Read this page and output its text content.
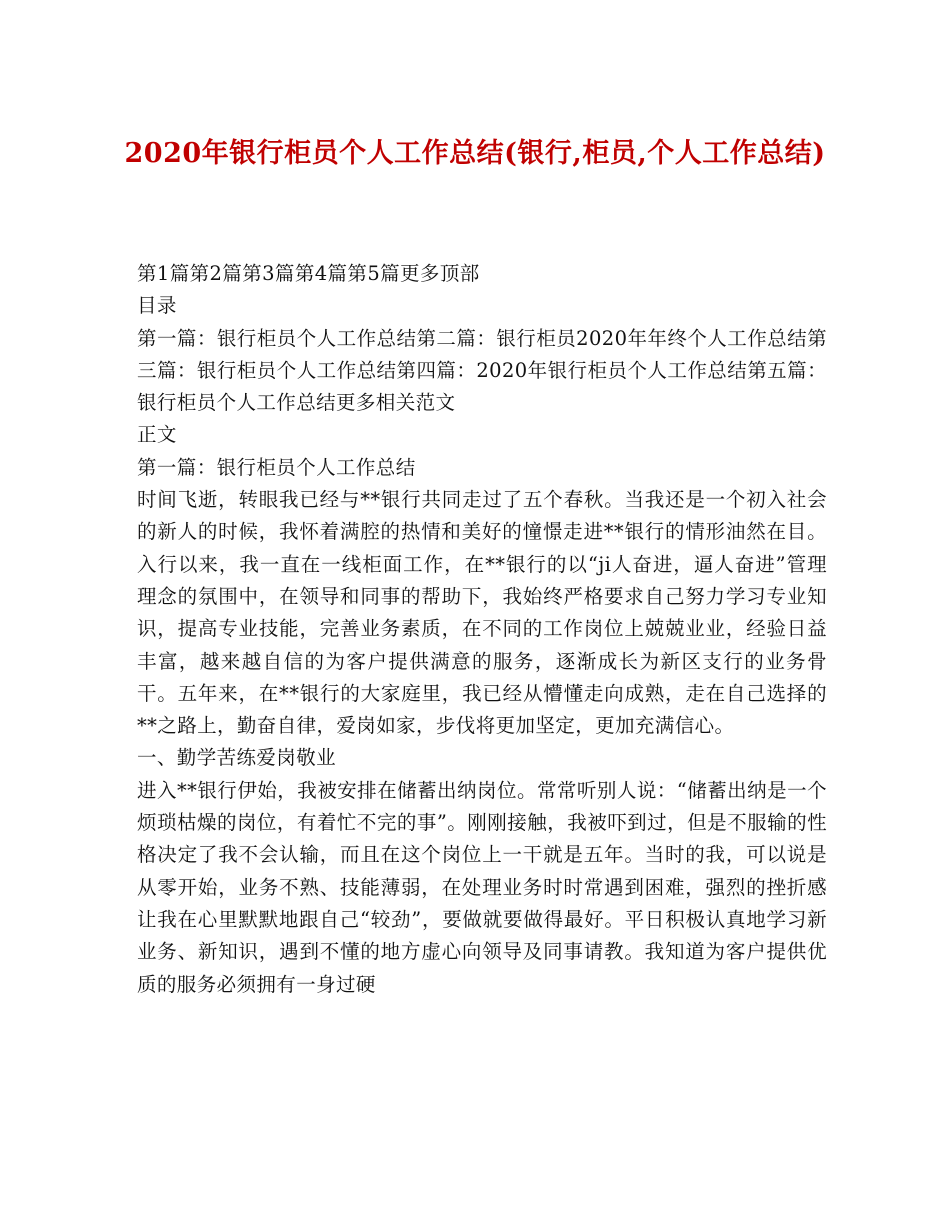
2020年银行柜员个人工作总结(银行,柜员,个人工作总结)

第1篇第2篇第3篇第4篇第5篇更多顶部

目录

第一篇：银行柜员个人工作总结第二篇：银行柜员2020年年终个人工作总结第三篇：银行柜员个人工作总结第四篇：2020年银行柜员个人工作总结第五篇：银行柜员个人工作总结更多相关范文

正文

第一篇：银行柜员个人工作总结

时间飞逝，转眼我已经与**银行共同走过了五个春秋。当我还是一个初入社会的新人的时候，我怀着满腔的热情和美好的憧憬走进**银行的情形油然在目。入行以来，我一直在一线柜面工作，在**银行的以“ji人奋进，逼人奋进”管理理念的氛围中，在领导和同事的帮助下，我始终严格要求自己努力学习专业知识，提高专业技能，完善业务素质，在不同的工作岗位上兢兢业业，经验日益丰富，越来越自信的为客户提供满意的服务，逐渐成长为新区支行的业务骨干。五年来，在**银行的大家庭里，我已经从懵懂走向成熟，走在自己选择的**之路上，勤奋自律，爱岗如家，步伐将更加坚定，更加充满信心。

一、勤学苦练爱岗敬业

进入**银行伊始，我被安排在储蓄出纳岗位。常常听别人说：“储蓄出纳是一个烦琐枯燥的岗位，有着忙不完的事”。刚刚接触，我被吓到过，但是不服输的性格决定了我不会认输，而且在这个岗位上一干就是五年。当时的我，可以说是从零开始，业务不熟、技能薄弱，在处理业务时时常遇到困难，强烈的挫折感让我在心里默默地跟自己“较劲”，要做就要做得最好。平日积极认真地学习新业务、新知识，遇到不懂的地方虚心向领导及同事请教。我知道为客户提供优质的服务必须拥有一身过硬
